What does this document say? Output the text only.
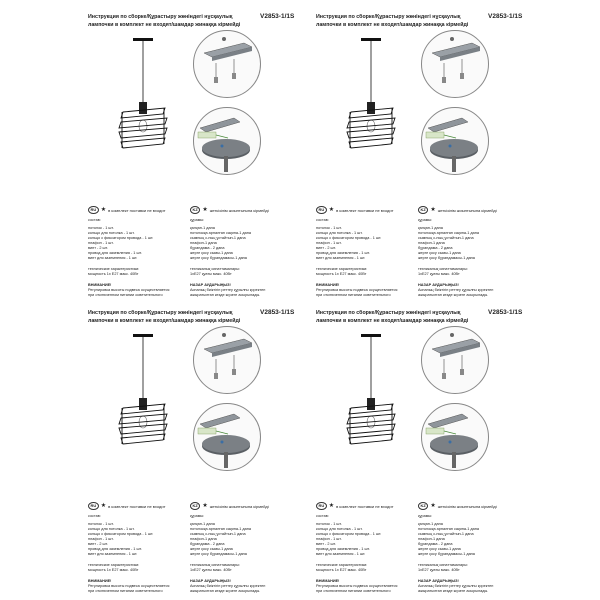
Инструкция по сборке/Құрастыру жөніндегі нұсқаулық	V2853-1/1S
лампочки в комплект не входят/шамдар жинаққа кірмейді
RU ★ в комплект поставки не входит	KZ ★ жеткізілім жиынтығына кірмейді
состав:
потолок - 1 шт.
кольцо для потолка - 1 шт.
кольцо с фиксатором провода - 1 шт.
плафон - 1 шт.
винт - 2 шт.
провод для заземления - 1 шт.
винт для заземления - 1 шт.
технические характеристики:
мощность 1х E27 макс. 40Вт
ВНИМАНИЕ!
Регулировка высоты подвеса осуществляется
при отключенном питании осветительного
құрамы:
қалқан-1 дана
потолокқа арналған сақина-1 дана
сымның с-ның ұстайтын-1 дана
плафон-1 дана
бұрандама - 2 дана
жерге қосу сымы-1 дана
жерге қосу бұрандамасы-1 дана
техникалық сипаттамалары:
1хЕ27 қуаты макс. 40Вт
НАЗАР АУДАРЫҢЫЗ!
Аспаның биіктігін реттеу құрылғы қоректен
ажыратылған кезде жүзеге асырылады.
Инструкция по сборке/Құрастыру жөніндегі нұсқаулық	V2853-1/1S
лампочки в комплект не входят/шамдар жинаққа кірмейді
RU ★ в комплект поставки не входит	KZ ★ жеткізілім жиынтығына кірмейді
состав:
потолок - 1 шт.
кольцо для потолка - 1 шт.
кольцо с фиксатором провода - 1 шт.
плафон - 1 шт.
винт - 2 шт.
провод для заземления - 1 шт.
винт для заземления - 1 шт.
технические характеристики:
мощность 1х E27 макс. 40Вт
ВНИМАНИЕ!
Регулировка высоты подвеса осуществляется
при отключенном питании осветительного
құрамы:
қалқан-1 дана
потолокқа арналған сақина-1 дана
сымның с-ның ұстайтын-1 дана
плафон-1 дана
бұрандама - 2 дана
жерге қосу сымы-1 дана
жерге қосу бұрандамасы-1 дана
техникалық сипаттамалары:
1хЕ27 қуаты макс. 40Вт
НАЗАР АУДАРЫҢЫЗ!
Аспаның биіктігін реттеу құрылғы қоректен
ажыратылған кезде жүзеге асырылады.
Инструкция по сборке/Құрастыру жөніндегі нұсқаулық	V2853-1/1S
лампочки в комплект не входят/шамдар жинаққа кірмейді
RU ★ в комплект поставки не входит	KZ ★ жеткізілім жиынтығына кірмейді
состав:
потолок - 1 шт.
кольцо для потолка - 1 шт.
кольцо с фиксатором провода - 1 шт.
плафон - 1 шт.
винт - 2 шт.
провод для заземления - 1 шт.
винт для заземления - 1 шт.
технические характеристики:
мощность 1х E27 макс. 40Вт
ВНИМАНИЕ!
Регулировка высоты подвеса осуществляется
при отключенном питании осветительного
құрамы:
қалқан-1 дана
потолокқа арналған сақина-1 дана
сымның с-ның ұстайтын-1 дана
плафон-1 дана
бұрандама - 2 дана
жерге қосу сымы-1 дана
жерге қосу бұрандамасы-1 дана
техникалық сипаттамалары:
1хЕ27 қуаты макс. 40Вт
НАЗАР АУДАРЫҢЫЗ!
Аспаның биіктігін реттеу құрылғы қоректен
ажыратылған кезде жүзеге асырылады.
Инструкция по сборке/Құрастыру жөніндегі нұсқаулық	V2853-1/1S
лампочки в комплект не входят/шамдар жинаққа кірмейді
RU ★ в комплект поставки не входит	KZ ★ жеткізілім жиынтығына кірмейді
состав:
потолок - 1 шт.
кольцо для потолка - 1 шт.
кольцо с фиксатором провода - 1 шт.
плафон - 1 шт.
винт - 2 шт.
провод для заземления - 1 шт.
винт для заземления - 1 шт.
технические характеристики:
мощность 1х E27 макс. 40Вт
ВНИМАНИЕ!
Регулировка высоты подвеса осуществляется
при отключенном питании осветительного
құрамы:
қалқан-1 дана
потолокқа арналған сақина-1 дана
сымның с-ның ұстайтын-1 дана
плафон-1 дана
бұрандама - 2 дана
жерге қосу сымы-1 дана
жерге қосу бұрандамасы-1 дана
техникалық сипаттамалары:
1хЕ27 қуаты макс. 40Вт
НАЗАР АУДАРЫҢЫЗ!
Аспаның биіктігін реттеу құрылғы қоректен
ажыратылған кезде жүзеге асырылады.
